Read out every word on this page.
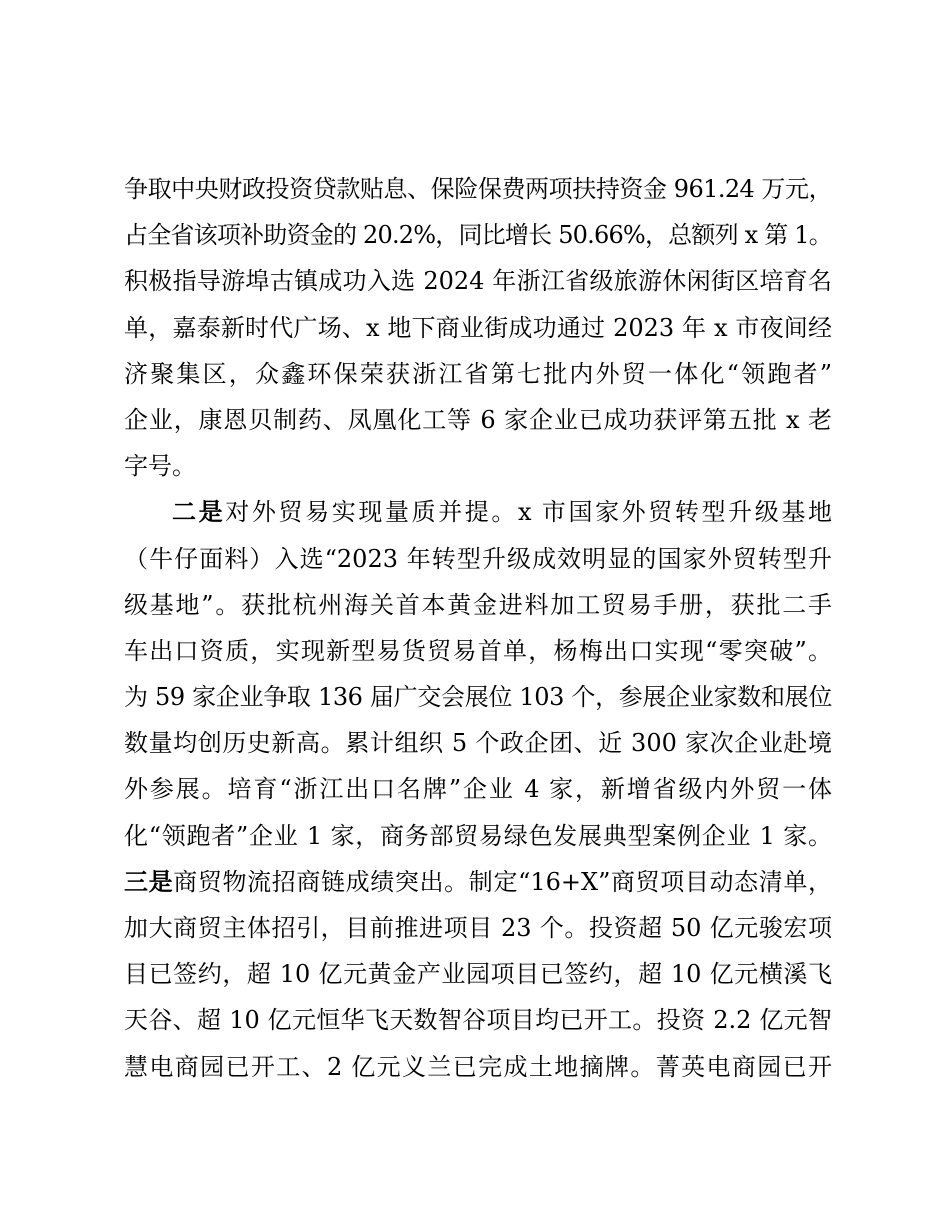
争取中央财政投资贷款贴息、保险保费两项扶持资金 961.24 万元，
占全省该项补助资金的 20.2%，同比增长 50.66%，总额列 x 第 1。
积极指导游埠古镇成功入选 2024 年浙江省级旅游休闲街区培育名
单，嘉泰新时代广场、x 地下商业街成功通过 2023 年 x 市夜间经
济聚集区，众鑫环保荣获浙江省第七批内外贸一体化“领跑者”
企业，康恩贝制药、凤凰化工等 6 家企业已成功获评第五批 x 老
字号。
二是对外贸易实现量质并提。x 市国家外贸转型升级基地
（牛仔面料）入选“2023 年转型升级成效明显的国家外贸转型升
级基地”。获批杭州海关首本黄金进料加工贸易手册，获批二手
车出口资质，实现新型易货贸易首单，杨梅出口实现“零突破”。
为 59 家企业争取 136 届广交会展位 103 个，参展企业家数和展位
数量均创历史新高。累计组织 5 个政企团、近 300 家次企业赴境
外参展。培育“浙江出口名牌”企业 4 家，新增省级内外贸一体
化“领跑者”企业 1 家，商务部贸易绿色发展典型案例企业 1 家。
三是商贸物流招商链成绩突出。制定“16+X”商贸项目动态清单，
加大商贸主体招引，目前推进项目 23 个。投资超 50 亿元骏宏项
目已签约，超 10 亿元黄金产业园项目已签约，超 10 亿元横溪飞
天谷、超 10 亿元恒华飞天数智谷项目均已开工。投资 2.2 亿元智
慧电商园已开工、2 亿元义兰已完成土地摘牌。菁英电商园已开
